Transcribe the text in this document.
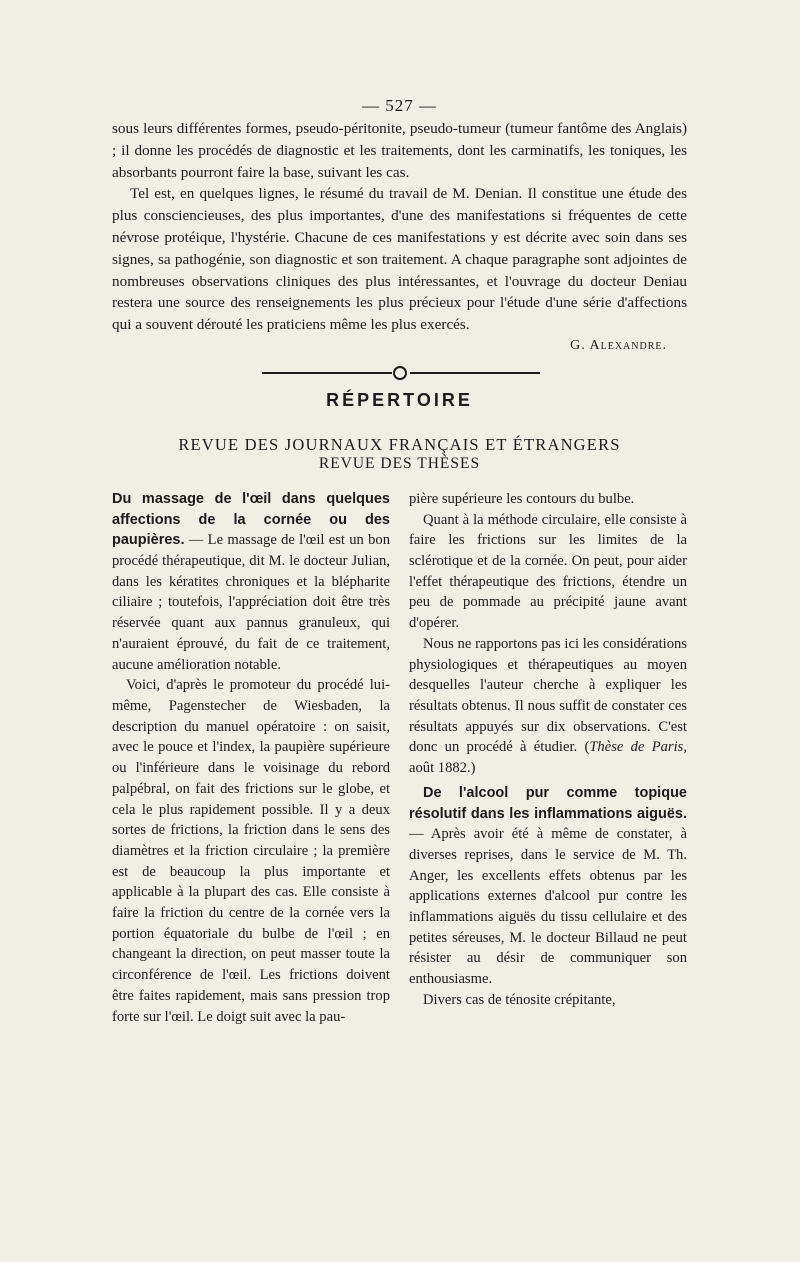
— 527 —

sous leurs différentes formes, pseudo-péritonite, pseudo-tumeur (tumeur fantôme des Anglais) ; il donne les procédés de diagnostic et les traitements, dont les carminatifs, les toniques, les absorbants pourront faire la base, suivant les cas.

Tel est, en quelques lignes, le résumé du travail de M. Denian. Il constitue une étude des plus consciencieuses, des plus importantes, d'une des manifestations si fréquentes de cette névrose protéique, l'hystérie. Chacune de ces manifestations y est décrite avec soin dans ses signes, sa pathogénie, son diagnostic et son traitement. A chaque paragraphe sont adjointes de nombreuses observations cliniques des plus intéressantes, et l'ouvrage du docteur Deniau restera une source des renseignements les plus précieux pour l'étude d'une série d'affections qui a souvent dérouté les praticiens même les plus exercés.

G. Alexandre.
RÉPERTOIRE
REVUE DES JOURNAUX FRANÇAIS ET ÉTRANGERS
REVUE DES THÈSES

Du massage de l'œil dans quelques affections de la cornée ou des paupières. — Le massage de l'œil est un bon procédé thérapeutique, dit M. le docteur Julian, dans les kératites chroniques et la blépharite ciliaire ; toutefois, l'appréciation doit être très réservée quant aux pannus granuleux, qui n'auraient éprouvé, du fait de ce traitement, aucune amélioration notable.

Voici, d'après le promoteur du procédé lui-même, Pagenstecher de Wiesbaden, la description du manuel opératoire : on saisit, avec le pouce et l'index, la paupière supérieure ou l'inférieure dans le voisinage du rebord palpébral, on fait des frictions sur le globe, et cela le plus rapidement possible. Il y a deux sortes de frictions, la friction dans le sens des diamètres et la friction circulaire ; la première est de beaucoup la plus importante et applicable à la plupart des cas. Elle consiste à faire la friction du centre de la cornée vers la portion équatoriale du bulbe de l'œil ; en changeant la direction, on peut masser toute la circonférence de l'œil. Les frictions doivent être faites rapidement, mais sans pression trop forte sur l'œil. Le doigt suit avec la pau-

pière supérieure les contours du bulbe.

Quant à la méthode circulaire, elle consiste à faire les frictions sur les limites de la sclérotique et de la cornée. On peut, pour aider l'effet thérapeutique des frictions, étendre un peu de pommade au précipité jaune avant d'opérer.

Nous ne rapportons pas ici les considérations physiologiques et thérapeutiques au moyen desquelles l'auteur cherche à expliquer les résultats obtenus. Il nous suffit de constater ces résultats appuyés sur dix observations. C'est donc un procédé à étudier. (Thèse de Paris, août 1882.)

De l'alcool pur comme topique résolutif dans les inflammations aiguës. — Après avoir été à même de constater, à diverses reprises, dans le service de M. Th. Anger, les excellents effets obtenus par les applications externes d'alcool pur contre les inflammations aiguës du tissu cellulaire et des petites séreuses, M. le docteur Billaud ne peut résister au désir de communiquer son enthousiasme.

Divers cas de ténosite crépitante,
